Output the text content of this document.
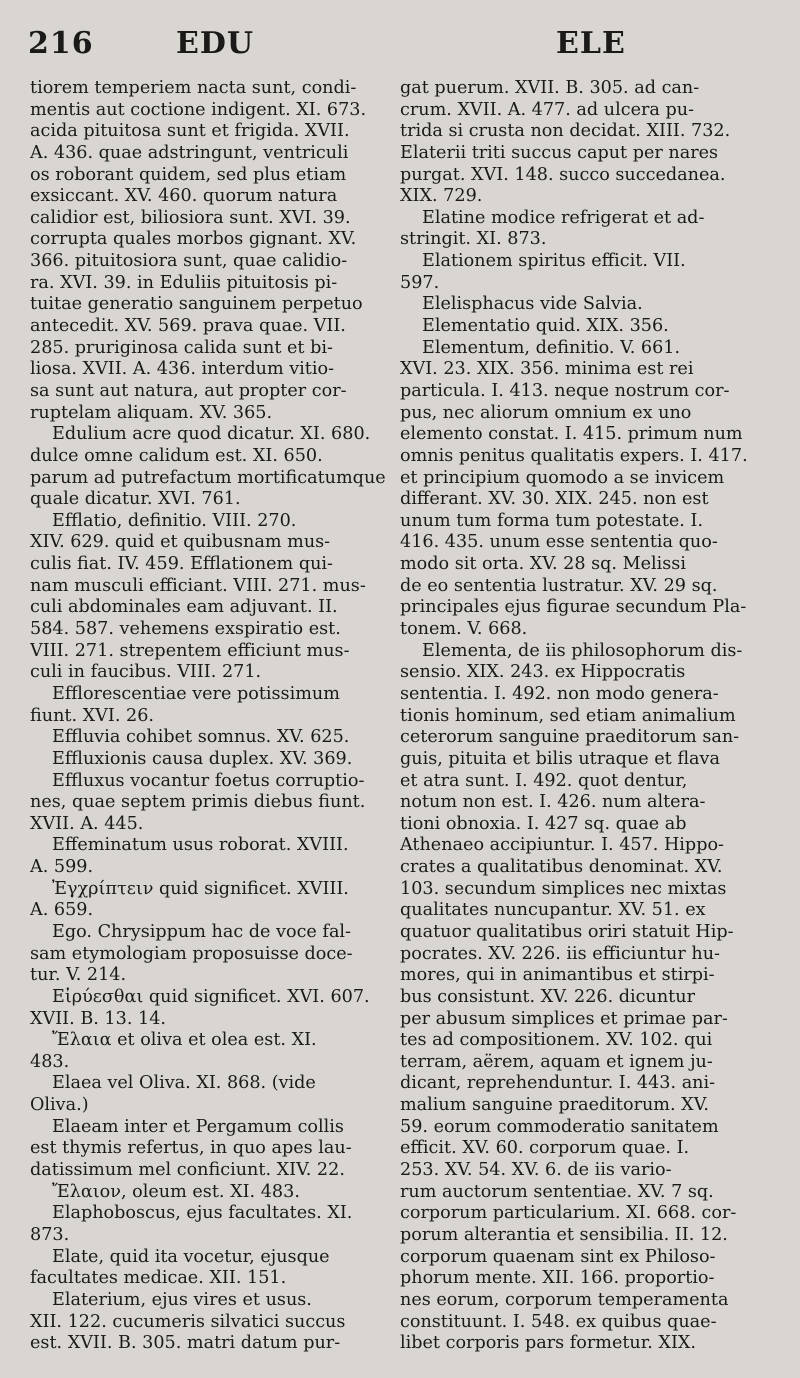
216	EDU	ELE
tiorem temperiem nacta sunt, condi-
mentis aut coctione indigent. XI. 673.
acida pituitosa sunt et frigida. XVII.
A. 436. quae adstringunt, ventriculi
os roborant quidem, sed plus etiam
exsiccant. XV. 460. quorum natura
calidior est, biliosiora sunt. XVI. 39.
corrupta quales morbos gignant. XV.
366. pituitosiora sunt, quae calidio-
ra. XVI. 39. in Eduliis pituitosis pi-
tuitae generatio sanguinem perpetuo
antecedit. XV. 569. prava quae. VII.
285. pruriginosa calida sunt et bi-
liosa. XVII. A. 436. interdum vitio-
sa sunt aut natura, aut propter cor-
ruptelam aliquam. XV. 365.
Edulium acre quod dicatur. XI. 680.
dulce omne calidum est. XI. 650.
parum ad putrefactum mortificatumque
quale dicatur. XVI. 761.
Efflatio, definitio. VIII. 270.
XIV. 629. quid et quibusnam mus-
culis fiat. IV. 459. Efflationem qui-
nam musculi efficiant. VIII. 271. mus-
culi abdominales eam adjuvant. II.
584. 587. vehemens exspiratio est.
VIII. 271. strepentem efficiunt mus-
culi in faucibus. VIII. 271.
Efflorescentiae vere potissimum
fiunt. XVI. 26.
Effluvia cohibet somnus. XV. 625.
Effluxionis causa duplex. XV. 369.
Effluxus vocantur foetus corruptio-
nes, quae septem primis diebus fiunt.
XVII. A. 445.
Effeminatum usus roborat. XVIII.
A. 599.
Ἐγχρίπτειν quid significet. XVIII.
A. 659.
Ego. Chrysippum hac de voce fal-
sam etymologiam proposuisse doce-
tur. V. 214.
Εἰρύεσθαι quid significet. XVI. 607.
XVII. B. 13. 14.
Ἔλαια et oliva et olea est. XI.
483.
Elaea vel Oliva. XI. 868. (vide
Oliva.)
Elaeam inter et Pergamum collis
est thymis refertus, in quo apes lau-
datissimum mel conficiunt. XIV. 22.
Ἔλαιον, oleum est. XI. 483.
Elaphoboscus, ejus facultates. XI.
873.
Elate, quid ita vocetur, ejusque
facultates medicae. XII. 151.
Elaterium, ejus vires et usus.
XII. 122. cucumeris silvatici succus
est. XVII. B. 305. matri datum pur-
gat puerum. XVII. B. 305. ad can-
crum. XVII. A. 477. ad ulcera pu-
trida si crusta non decidat. XIII. 732.
Elaterii triti succus caput per nares
purgat. XVI. 148. succo succedanea.
XIX. 729.
Elatine modice refrigerat et ad-
stringit. XI. 873.
Elationem spiritus efficit. VII.
597.
Elelisphacus vide Salvia.
Elementatio quid. XIX. 356.
Elementum, definitio. V. 661.
XVI. 23. XIX. 356. minima est rei
particula. I. 413. neque nostrum cor-
pus, nec aliorum omnium ex uno
elemento constat. I. 415. primum num
omnis penitus qualitatis expers. I. 417.
et principium quomodo a se invicem
differant. XV. 30. XIX. 245. non est
unum tum forma tum potestate. I.
416. 435. unum esse sententia quo-
modo sit orta. XV. 28 sq. Melissi
de eo sententia lustratur. XV. 29 sq.
principales ejus figurae secundum Pla-
tonem. V. 668.
Elementa, de iis philosophorum dis-
sensio. XIX. 243. ex Hippocratis
sententia. I. 492. non modo genera-
tionis hominum, sed etiam animalium
ceterorum sanguine praeditorum san-
guis, pituita et bilis utraque et flava
et atra sunt. I. 492. quot dentur,
notum non est. I. 426. num altera-
tioni obnoxia. I. 427 sq. quae ab
Athenaeo accipiuntur. I. 457. Hippo-
crates a qualitatibus denominat. XV.
103. secundum simplices nec mixtas
qualitates nuncupantur. XV. 51. ex
quatuor qualitatibus oriri statuit Hip-
pocrates. XV. 226. iis efficiuntur hu-
mores, qui in animantibus et stirpi-
bus consistunt. XV. 226. dicuntur
per abusum simplices et primae par-
tes ad compositionem. XV. 102. qui
terram, aërem, aquam et ignem ju-
dicant, reprehenduntur. I. 443. ani-
malium sanguine praeditorum. XV.
59. eorum commoderatio sanitatem
efficit. XV. 60. corporum quae. I.
253. XV. 54. XV. 6. de iis vario-
rum auctorum sententiae. XV. 7 sq.
corporum particularium. XI. 668. cor-
porum alterantia et sensibilia. II. 12.
corporum quaenam sint ex Philoso-
phorum mente. XII. 166. proportio-
nes eorum, corporum temperamenta
constituunt. I. 548. ex quibus quae-
libet corporis pars formetur. XIX.
